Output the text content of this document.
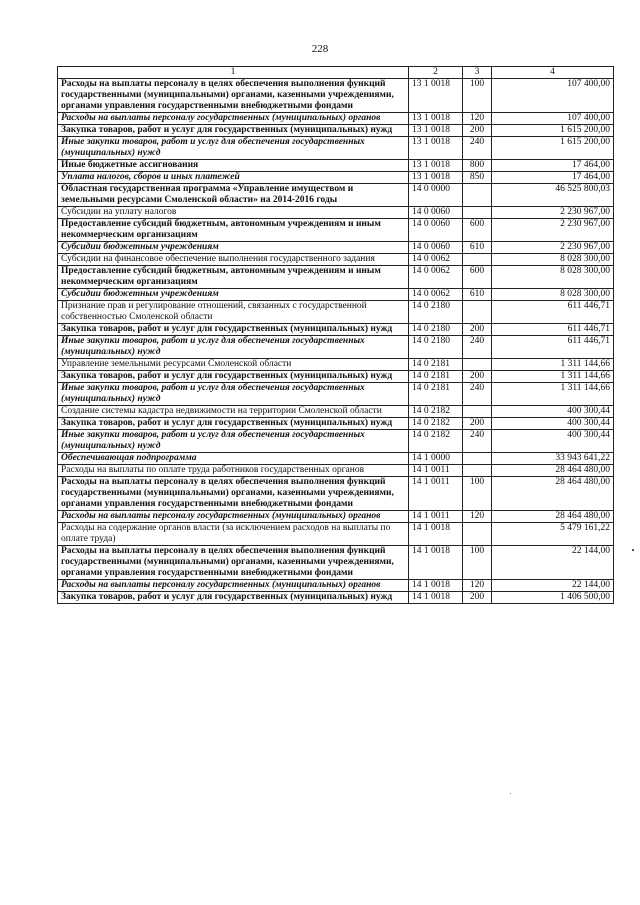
228
1	2	3	4
Расходы на выплаты персоналу в целях обеспечения выполнения функций государственными (муниципальными) органами, казенными учреждениями, органами управления государственными внебюджетными фондами	13 1 0018	100	107 400,00
Расходы на выплаты персоналу государственных (муниципальных) органов	13 1 0018	120	107 400,00
Закупка товаров, работ и услуг для государственных (муниципальных) нужд	13 1 0018	200	1 615 200,00
Иные закупки товаров, работ и услуг для обеспечения государственных (муниципальных) нужд	13 1 0018	240	1 615 200,00
Иные бюджетные ассигнования	13 1 0018	800	17 464,00
Уплата налогов, сборов и иных платежей	13 1 0018	850	17 464,00
Областная государственная программа «Управление имуществом и земельными ресурсами Смоленской области» на 2014-2016 годы	14 0 0000		46 525 800,03
Субсидии на уплату налогов	14 0 0060		2 230 967,00
Предоставление субсидий бюджетным, автономным учреждениям и иным некоммерческим организациям	14 0 0060	600	2 230 967,00
Субсидии бюджетным учреждениям	14 0 0060	610	2 230 967,00
Субсидии на финансовое обеспечение выполнения государственного задания	14 0 0062		8 028 300,00
Предоставление субсидий бюджетным, автономным учреждениям и иным некоммерческим организациям	14 0 0062	600	8 028 300,00
Субсидии бюджетным учреждениям	14 0 0062	610	8 028 300,00
Признание прав и регулирование отношений, связанных с государственной собственностью Смоленской области	14 0 2180		611 446,71
Закупка товаров, работ и услуг для государственных (муниципальных) нужд	14 0 2180	200	611 446,71
Иные закупки товаров, работ и услуг для обеспечения государственных (муниципальных) нужд	14 0 2180	240	611 446,71
Управление земельными ресурсами Смоленской области	14 0 2181		1 311 144,66
Закупка товаров, работ и услуг для государственных (муниципальных) нужд	14 0 2181	200	1 311 144,66
Иные закупки товаров, работ и услуг для обеспечения государственных (муниципальных) нужд	14 0 2181	240	1 311 144,66
Создание системы кадастра недвижимости на территории Смоленской области	14 0 2182		400 300,44
Закупка товаров, работ и услуг для государственных (муниципальных) нужд	14 0 2182	200	400 300,44
Иные закупки товаров, работ и услуг для обеспечения государственных (муниципальных) нужд	14 0 2182	240	400 300,44
Обеспечивающая подпрограмма	14 1 0000		33 943 641,22
Расходы на выплаты по оплате труда работников государственных органов	14 1 0011		28 464 480,00
Расходы на выплаты персоналу в целях обеспечения выполнения функций государственными (муниципальными) органами, казенными учреждениями, органами управления государственными внебюджетными фондами	14 1 0011	100	28 464 480,00
Расходы на выплаты персоналу государственных (муниципальных) органов	14 1 0011	120	28 464 480,00
Расходы на содержание органов власти (за исключением расходов на выплаты по оплате труда)	14 1 0018		5 479 161,22
Расходы на выплаты персоналу в целях обеспечения выполнения функций государственными (муниципальными) органами, казенными учреждениями, органами управления государственными внебюджетными фондами	14 1 0018	100	22 144,00
Расходы на выплаты персоналу государственных (муниципальных) органов	14 1 0018	120	22 144,00
Закупка товаров, работ и услуг для государственных (муниципальных) нужд	14 1 0018	200	1 406 500,00
